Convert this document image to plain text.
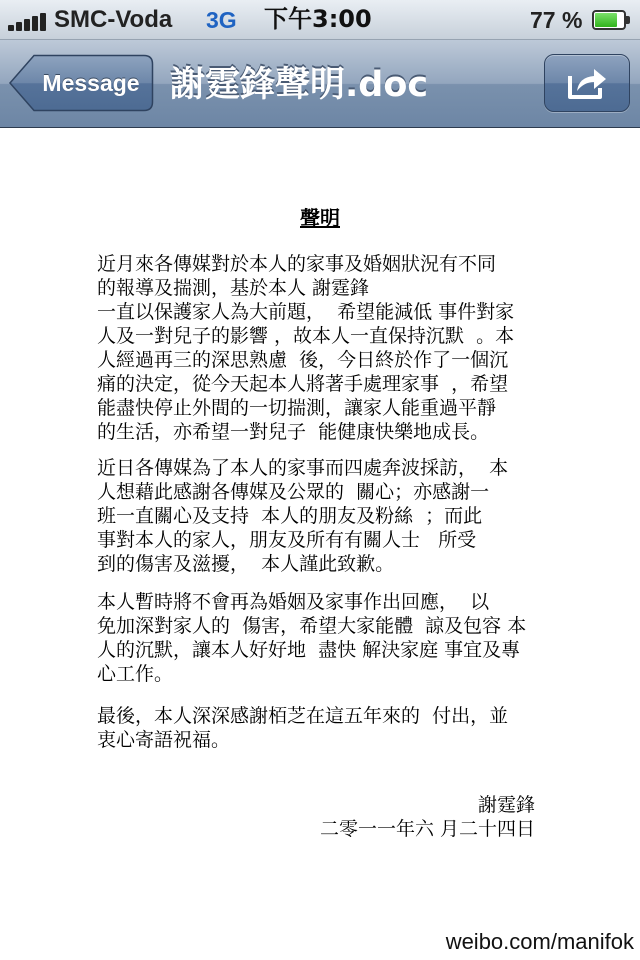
SMC-Voda 3G 下午3:00	77 %
Message 謝霆鋒聲明.doc
聲明
近月來各傳媒對於本人的家事及婚姻狀況有不同
的報導及揣測，基於本人 謝霆鋒
一直以保護家人為大前題，  希望能減低 事件對家
人及一對兒子的影響 ，故本人一直保持沉默  。本
人經過再三的深思熟慮  後，今日終於作了一個沉
痛的決定，從今天起本人將著手處理家事  ，希望
能盡快停止外間的一切揣測，讓家人能重過平靜
的生活，亦希望一對兒子  能健康快樂地成長。
近日各傳媒為了本人的家事而四處奔波採訪，  本
人想藉此感謝各傳媒及公眾的  關心；亦感謝一
班一直關心及支持  本人的朋友及粉絲  ；而此
事對本人的家人，朋友及所有有關人士   所受
到的傷害及滋擾，  本人謹此致歉。
本人暫時將不會再為婚姻及家事作出回應，  以
免加深對家人的  傷害，希望大家能體  諒及包容 本
人的沉默，讓本人好好地  盡快 解決家庭 事宜及專
心工作。
最後，本人深深感謝栢芝在這五年來的  付出，並
衷心寄語祝福。
謝霆鋒
二零一一年六 月二十四日
weibo.com/manifok
